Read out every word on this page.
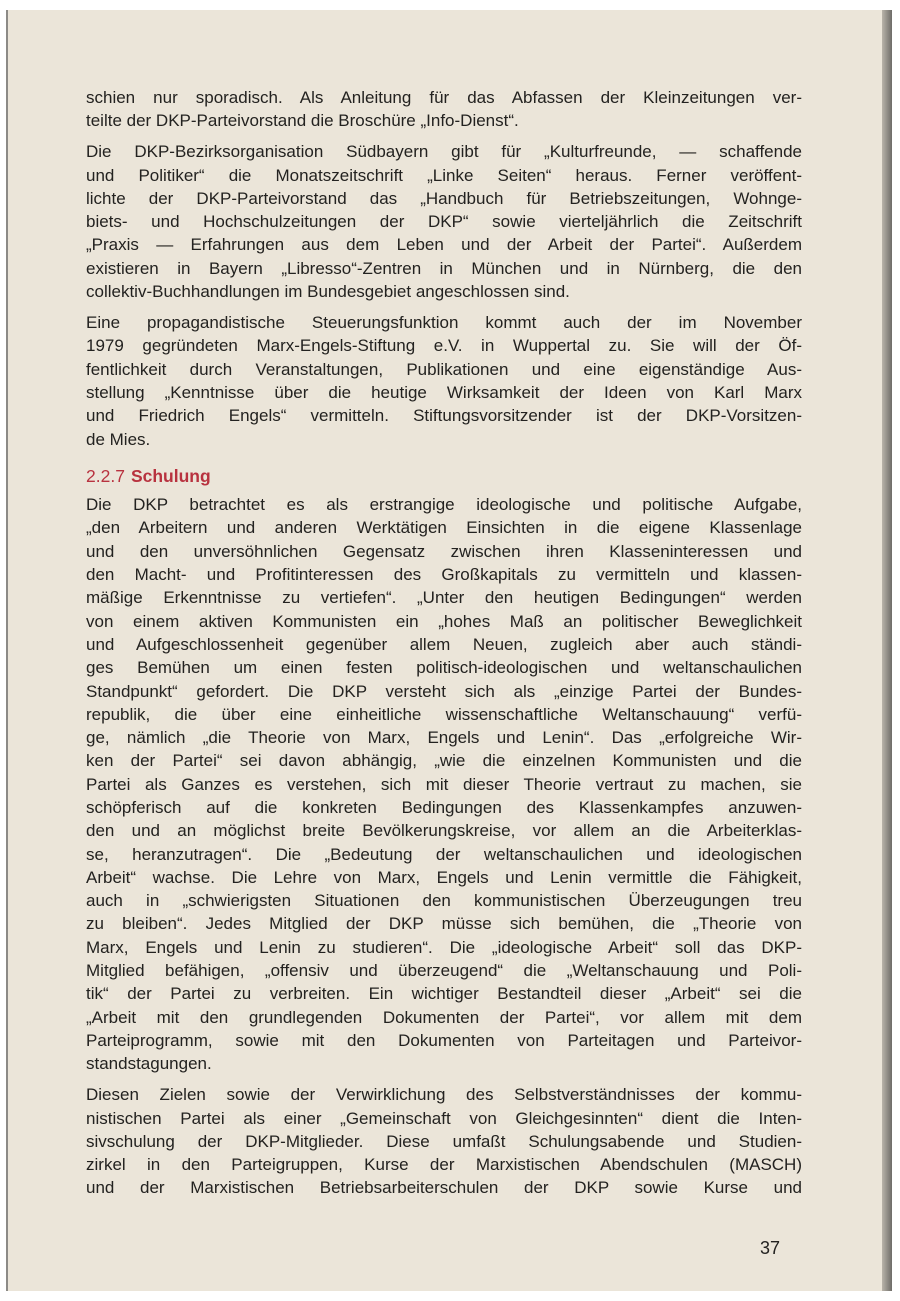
schien nur sporadisch. Als Anleitung für das Abfassen der Kleinzeitungen ver-
teilte der DKP-Parteivorstand die Broschüre „Info-Dienst“.
Die DKP-Bezirksorganisation Südbayern gibt für „Kulturfreunde, — schaffende
und Politiker“ die Monatszeitschrift „Linke Seiten“ heraus. Ferner veröffent-
lichte der DKP-Parteivorstand das „Handbuch für Betriebszeitungen, Wohnge-
biets- und Hochschulzeitungen der DKP“ sowie vierteljährlich die Zeitschrift
„Praxis — Erfahrungen aus dem Leben und der Arbeit der Partei“. Außerdem
existieren in Bayern „Libresso“-Zentren in München und in Nürnberg, die den
collektiv-Buchhandlungen im Bundesgebiet angeschlossen sind.
Eine propagandistische Steuerungsfunktion kommt auch der im November
1979 gegründeten Marx-Engels-Stiftung e.V. in Wuppertal zu. Sie will der Öf-
fentlichkeit durch Veranstaltungen, Publikationen und eine eigenständige Aus-
stellung „Kenntnisse über die heutige Wirksamkeit der Ideen von Karl Marx
und Friedrich Engels“ vermitteln. Stiftungsvorsitzender ist der DKP-Vorsitzen-
de Mies.
2.2.7 Schulung
Die DKP betrachtet es als erstrangige ideologische und politische Aufgabe,
„den Arbeitern und anderen Werktätigen Einsichten in die eigene Klassenlage
und den unversöhnlichen Gegensatz zwischen ihren Klasseninteressen und
den Macht- und Profitinteressen des Großkapitals zu vermitteln und klassen-
mäßige Erkenntnisse zu vertiefen“. „Unter den heutigen Bedingungen“ werden
von einem aktiven Kommunisten ein „hohes Maß an politischer Beweglichkeit
und Aufgeschlossenheit gegenüber allem Neuen, zugleich aber auch ständi-
ges Bemühen um einen festen politisch-ideologischen und weltanschaulichen
Standpunkt“ gefordert. Die DKP versteht sich als „einzige Partei der Bundes-
republik, die über eine einheitliche wissenschaftliche Weltanschauung“ verfü-
ge, nämlich „die Theorie von Marx, Engels und Lenin“. Das „erfolgreiche Wir-
ken der Partei“ sei davon abhängig, „wie die einzelnen Kommunisten und die
Partei als Ganzes es verstehen, sich mit dieser Theorie vertraut zu machen, sie
schöpferisch auf die konkreten Bedingungen des Klassenkampfes anzuwen-
den und an möglichst breite Bevölkerungskreise, vor allem an die Arbeiterklas-
se, heranzutragen“. Die „Bedeutung der weltanschaulichen und ideologischen
Arbeit“ wachse. Die Lehre von Marx, Engels und Lenin vermittle die Fähigkeit,
auch in „schwierigsten Situationen den kommunistischen Überzeugungen treu
zu bleiben“. Jedes Mitglied der DKP müsse sich bemühen, die „Theorie von
Marx, Engels und Lenin zu studieren“. Die „ideologische Arbeit“ soll das DKP-
Mitglied befähigen, „offensiv und überzeugend“ die „Weltanschauung und Poli-
tik“ der Partei zu verbreiten. Ein wichtiger Bestandteil dieser „Arbeit“ sei die
„Arbeit mit den grundlegenden Dokumenten der Partei“, vor allem mit dem
Parteiprogramm, sowie mit den Dokumenten von Parteitagen und Parteivor-
standstagungen.
Diesen Zielen sowie der Verwirklichung des Selbstverständnisses der kommu-
nistischen Partei als einer „Gemeinschaft von Gleichgesinnten“ dient die Inten-
sivschulung der DKP-Mitglieder. Diese umfaßt Schulungsabende und Studien-
zirkel in den Parteigruppen, Kurse der Marxistischen Abendschulen (MASCH)
und der Marxistischen Betriebsarbeiterschulen der DKP sowie Kurse und
37
